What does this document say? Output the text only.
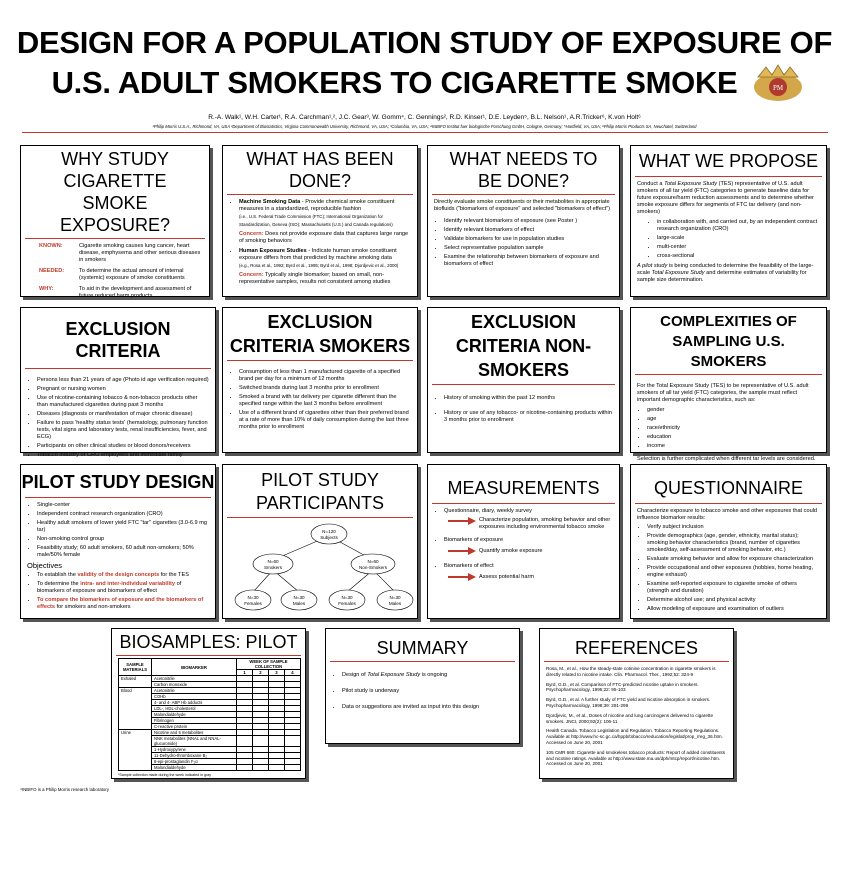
DESIGN FOR A POPULATION STUDY OF EXPOSURE OF
U.S. ADULT SMOKERS TO CIGARETTE SMOKE	PM
R.-A. Walk¹, W.H. Carter¹, R.A. Carchman¹,², J.C. Gear³, W. Gomm⁴, C. Gennings², R.D. Kinser¹, D.E. Leyden⁵, B.L. Nelson¹, A.R.Tricker⁶, K.von Holt⁶
¹Philip Morris U.S.A., Richmond, VA, USA ²Department of Biostatistics, Virginia Commonwealth University, Richmond, VA, USA; ³Columbia, VA, USA; ⁴INBIFO Institut fuer biologische Forschung GmbH, Cologne, Germany; ⁵Hartfield, VA, USA; ⁶Philip Morris Products SA, Neuchatel, Switzerland
WHY STUDY CIGARETTE SMOKE EXPOSURE?
KNOWN:	Cigarette smoking causes lung cancer, heart disease, emphysema and other serious diseases in smokers
NEEDED:	To determine the actual amount of internal (systemic) exposure of smoke constituents
WHY:	To aid in the development and assessment of future reduced harm products
WHAT HAS BEEN DONE?
• Machine Smoking Data - Provide chemical smoke constituent measures in a standardized, reproducible fashion
(i.e., U.S. Federal Trade Commission (FTC); International Organization for Standardization, Geneva (ISO); Massachusetts (U.S.) and Canada regulations)
Concern: Does not provide exposure data that captures large range of smoking behaviors
• Human Exposure Studies - Indicate human smoke constituent exposure differs from that predicted by machine smoking data
(e.g., Rosa et al., 1992; Byrd et al., 1995; Byrd et al., 1998; Djordjevic et al., 2000)
Concern: Typically single biomarker; based on small, non-representative samples, results not consistent among studies
WHAT NEEDS TO BE DONE?
Directly evaluate smoke constituents or their metabolites in appropriate biofluids ("biomarkers of exposure" and selected "biomarkers of effect")
• Identify relevant biomarkers of exposure (see Poster )
• Identify relevant biomarkers of effect
• Validate biomarkers for use in population studies
• Select representative population sample
• Examine the relationship between biomarkers of exposure and biomarkers of effect
WHAT WE PROPOSE
Conduct a Total Exposure Study (TES) representative of U.S. adult smokers of all tar yield (FTC) categories to generate baseline data for future exposure/harm reduction assessments and to determine whether smoke exposure differs for segments of FTC tar delivery (and non-smokers)
• in collaboration with, and carried out, by an independent contract research organization (CRO)
• large-scale
• multi-center
• cross-sectional
A pilot study is being conducted to determine the feasibility of the large-scale Total Exposure Study and determine estimates of variability for sample size determination.
EXCLUSION CRITERIA
• Persons less than 21 years of age (Photo id age verification required)
• Pregnant or nursing women
• Use of nicotine-containing tobacco & non-tobacco products other than manufactured cigarettes during past 3 months
• Diseases (diagnosis or manifestation of major chronic disease)
• Failure to pass 'healthy status tests' (hematology, pulmonary function tests, vital signs and laboratory tests, renal insufficiencies, fever, and ECG)
• Participants on other clinical studies or blood donors/receivers
• Tobacco industry or CRO employees and immediate family
EXCLUSION CRITERIA SMOKERS
• Consumption of less than 1 manufactured cigarette of a specified brand per day for a minimum of 12 months
• Switched brands during last 3 months prior to enrollment
• Smoked a brand with tar delivery per cigarette different than the specified range within the last 3 months before enrollment
• Use of a different brand of cigarettes other than their preferred brand at a rate of more than 10% of daily consumption during the last three months prior to enrollment
EXCLUSION CRITERIA NON-SMOKERS
• History of smoking within the past 12 months
• History or use of any tobacco- or nicotine-containing products within 3 months prior to enrollment
COMPLEXITIES OF SAMPLING U.S. SMOKERS
For the Total Exposure Study (TES) to be representative of U.S. adult smokers of all tar yield (FTC) categories, the sample must reflect important demographic characteristics, such as:
• gender
• age
• race/ethnicity
• education
• income
Selection is further complicated when different tar levels are considered.
PILOT STUDY DESIGN
• Single-center
• Independent contract research organization (CRO)
• Healthy adult smokers of lower yield FTC "tar" cigarettes (3.0-6.9 mg tar)
• Non-smoking control group
• Feasibility study; 60 adult smokers, 60 adult non-smokers; 50% male/50% female
Objectives
• To establish the validity of the design concepts for the TES
• To determine the intra- and inter-individual variability of biomarkers of exposure and biomarkers of effect
• To compare the biomarkers of exposure and the biomarkers of effects for smokers and non-smokers
PILOT STUDY PARTICIPANTS
N=120
Subjects
N=60
Smokers
N=60
Non-Smokers
N=30
Females
N=30
Males
N=30
Females
N=30
Males
MEASUREMENTS
• Questionnaire, diary, weekly survey
Characterize population, smoking behavior and other exposures including environmental tobacco smoke
• Biomarkers of exposure
Quantify smoke exposure
• Biomarkers of effect
Assess potential harm
QUESTIONNAIRE
Characterize exposure to tobacco smoke and other exposures that could influence biomarker results:
• Verify subject inclusion
• Provide demographics (age, gender, ethnicity, marital status); smoking behavior characteristics (brand, number of cigarettes smoked/day, self-assessment of smoking behavior, etc.)
• Evaluate smoking behavior and allow for exposure characterization
• Provide occupational and other exposures (hobbies, home heating, engine exhaust)
• Examine self-reported exposure to cigarette smoke of others (strength and duration)
• Determine alcohol use; and physical activity
• Allow modeling of exposure and examination of outliers
BIOSAMPLES: PILOT
SAMPLE MATERIALS	BIOMARKER	WEEK OF SAMPLE COLLECTION			
		1	2	3	4
Exhaled	Acetonitrile				
	Carbon monoxide				
Blood	Acetonitrile				
	COHb				
	4- and 4- ABP Hb adducts				
	LDL-, HDL-cholesterol				
	Malondialdehyde				
	Fibrinogen				
	C-reactive protein				
Urine	Nicotine and 5 metabolites				
	NNK metabolites (NNAL and NNAL-glucuronide)				
	1-Hydroxypyrene				
	11-Dehydro-thromboxane B₂				
	8-epi-prostaglandin F₂α				
	Malondialdehyde				
*Sample collection made during the week indicated in gray
SUMMARY
• Design of Total Exposure Study is ongoing
• Pilot study is underway
• Data or suggestions are invited as input into this design
REFERENCES
Rosa, M., et al., How the steady-state cotinine concentration in cigarette smokers is directly related to nicotine intake. Clin. Pharmacol. Ther., 1992;52: 324-9
Byrd, G.D., et al. Comparison of FTC-predicted nicotine uptake in smokers. Psychopharmacology, 1995;22: 95-103
Byrd, G.D., et al. A further study of FTC yield and nicotine absorption in smokers. Psychopharmacology, 1998;39: 291-299
Djordjevic, M., et al., Doses of nicotine and lung carcinogens delivered to cigarette smokers. JNCI, 2000;92(2): 106-11
Health Canada. Tobacco Legislation and Regulation. Tobacco Reporting Regulations. Available at http://www.hc-sc.gc.ca/hppb/tobacco/reducation/legislat/prop_rreg_36.htm. Accessed on June 20, 2001
105 CMR 660: Cigarette and smokeless tobacco products: Report of added constituents and nicotine ratings. Available at http://www.state.ma.us/dph/mtcp/report/nicotine.htm. Accessed on June 20, 2001
⁴INBIFO is a Philip Morris research laboratory
